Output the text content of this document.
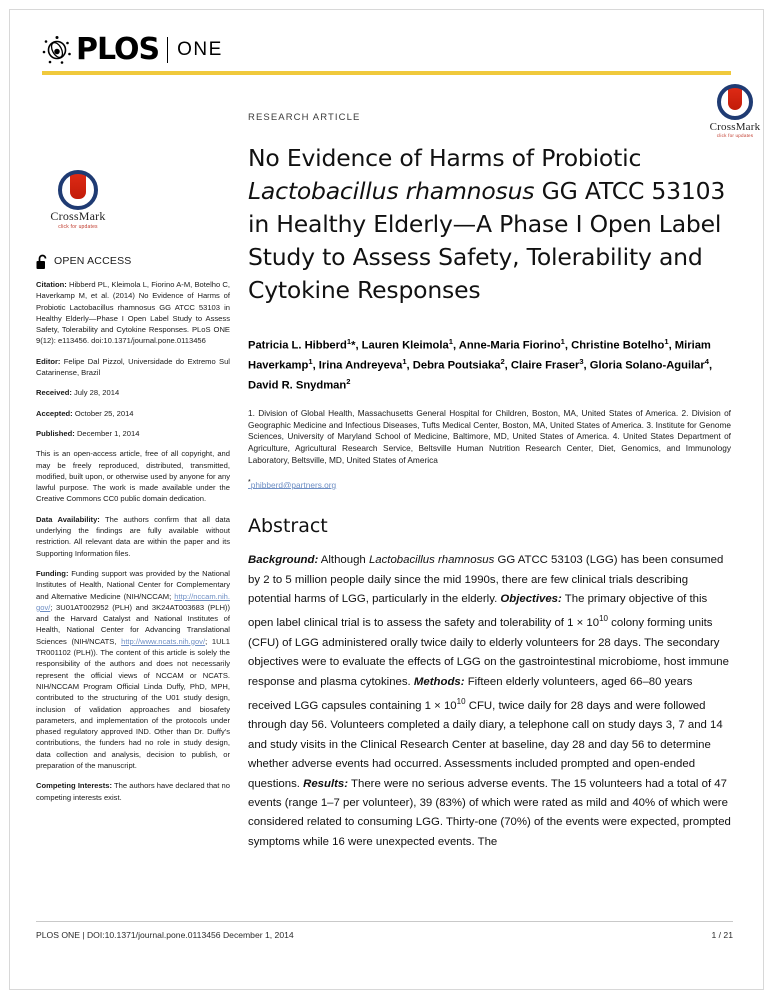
PLOS ONE
CrossMark
click for updates
CrossMark
click for updates
OPEN ACCESS

Citation: Hibberd PL, Kleimola L, Fiorino A-M, Botelho C, Haverkamp M, et al. (2014) No Evidence of Harms of Probiotic Lactobacillus rhamnosus GG ATCC 53103 in Healthy Elderly—Phase I Open Label Study to Assess Safety, Tolerability and Cytokine Responses. PLoS ONE 9(12): e113456. doi:10.1371/journal.pone.0113456

Editor: Felipe Dal Pizzol, Universidade do Extremo Sul Catarinense, Brazil

Received: July 28, 2014

Accepted: October 25, 2014

Published: December 1, 2014

This is an open-access article, free of all copyright, and may be freely reproduced, distributed, transmitted, modified, built upon, or otherwise used by anyone for any lawful purpose. The work is made available under the Creative Commons CC0 public domain dedication.

Data Availability: The authors confirm that all data underlying the findings are fully available without restriction. All relevant data are within the paper and its Supporting Information files.

Funding: Funding support was provided by the National Institutes of Health, National Center for Complementary and Alternative Medicine (NIH/NCCAM; http://nccam.nih.gov/; 3U01AT002952 (PLH) and 3K24AT003683 (PLH)) and the Harvard Catalyst and National Institutes of Health, National Center for Advancing Translational Sciences (NIH/NCATS, http://www.ncats.nih.gov/; 1UL1 TR001102 (PLH)). The content of this article is solely the responsibility of the authors and does not necessarily represent the official views of NCCAM or NCATS. NIH/NCCAM Program Official Linda Duffy, PhD, MPH, contributed to the structuring of the U01 study design, inclusion of validation approaches and biosafety parameters, and implementation of the protocols under phased regulatory approved IND. Other than Dr. Duffy's contributions, the funders had no role in study design, data collection and analysis, decision to publish, or preparation of the manuscript.

Competing Interests: The authors have declared that no competing interests exist.

RESEARCH ARTICLE
No Evidence of Harms of Probiotic
Lactobacillus rhamnosus GG ATCC 53103
in Healthy Elderly—A Phase I Open Label
Study to Assess Safety, Tolerability and
Cytokine Responses
Patricia L. Hibberd$^1$*, Lauren Kleimola$^1$, Anne-Maria Fiorino$^1$, Christine Botelho$^1$, Miriam Haverkamp$^1$, Irina Andreyeva$^1$, Debra Poutsiaka$^2$, Claire Fraser$^3$, Gloria Solano-Aguilar$^4$, David R. Snydman$^2$
1. Division of Global Health, Massachusetts General Hospital for Children, Boston, MA, United States of America. 2. Division of Geographic Medicine and Infectious Diseases, Tufts Medical Center, Boston, MA, United States of America. 3. Institute for Genome Sciences, University of Maryland School of Medicine, Baltimore, MD, United States of America. 4. United States Department of Agriculture, Agricultural Research Service, Beltsville Human Nutrition Research Center, Diet, Genomics, and Immunology Laboratory, Beltsville, MD, United States of America
*phibberd@partners.org
Abstract
Background: Although Lactobacillus rhamnosus GG ATCC 53103 (LGG) has been consumed by 2 to 5 million people daily since the mid 1990s, there are few clinical trials describing potential harms of LGG, particularly in the elderly. Objectives: The primary objective of this open label clinical trial is to assess the safety and tolerability of $1 \times 10^{10}$ colony forming units (CFU) of LGG administered orally twice daily to elderly volunteers for 28 days. The secondary objectives were to evaluate the effects of LGG on the gastrointestinal microbiome, host immune response and plasma cytokines. Methods: Fifteen elderly volunteers, aged 66–80 years received LGG capsules containing $1 \times 10^{10}$ CFU, twice daily for 28 days and were followed through day 56. Volunteers completed a daily diary, a telephone call on study days 3, 7 and 14 and study visits in the Clinical Research Center at baseline, day 28 and day 56 to determine whether adverse events had occurred. Assessments included prompted and open-ended questions. Results: There were no serious adverse events. The 15 volunteers had a total of 47 events (range 1–7 per volunteer), 39 (83%) of which were rated as mild and 40% of which were considered related to consuming LGG. Thirty-one (70%) of the events were expected, prompted symptoms while 16 were unexpected events. The
PLOS ONE | DOI:10.1371/journal.pone.0113456 December 1, 2014	1 / 21
